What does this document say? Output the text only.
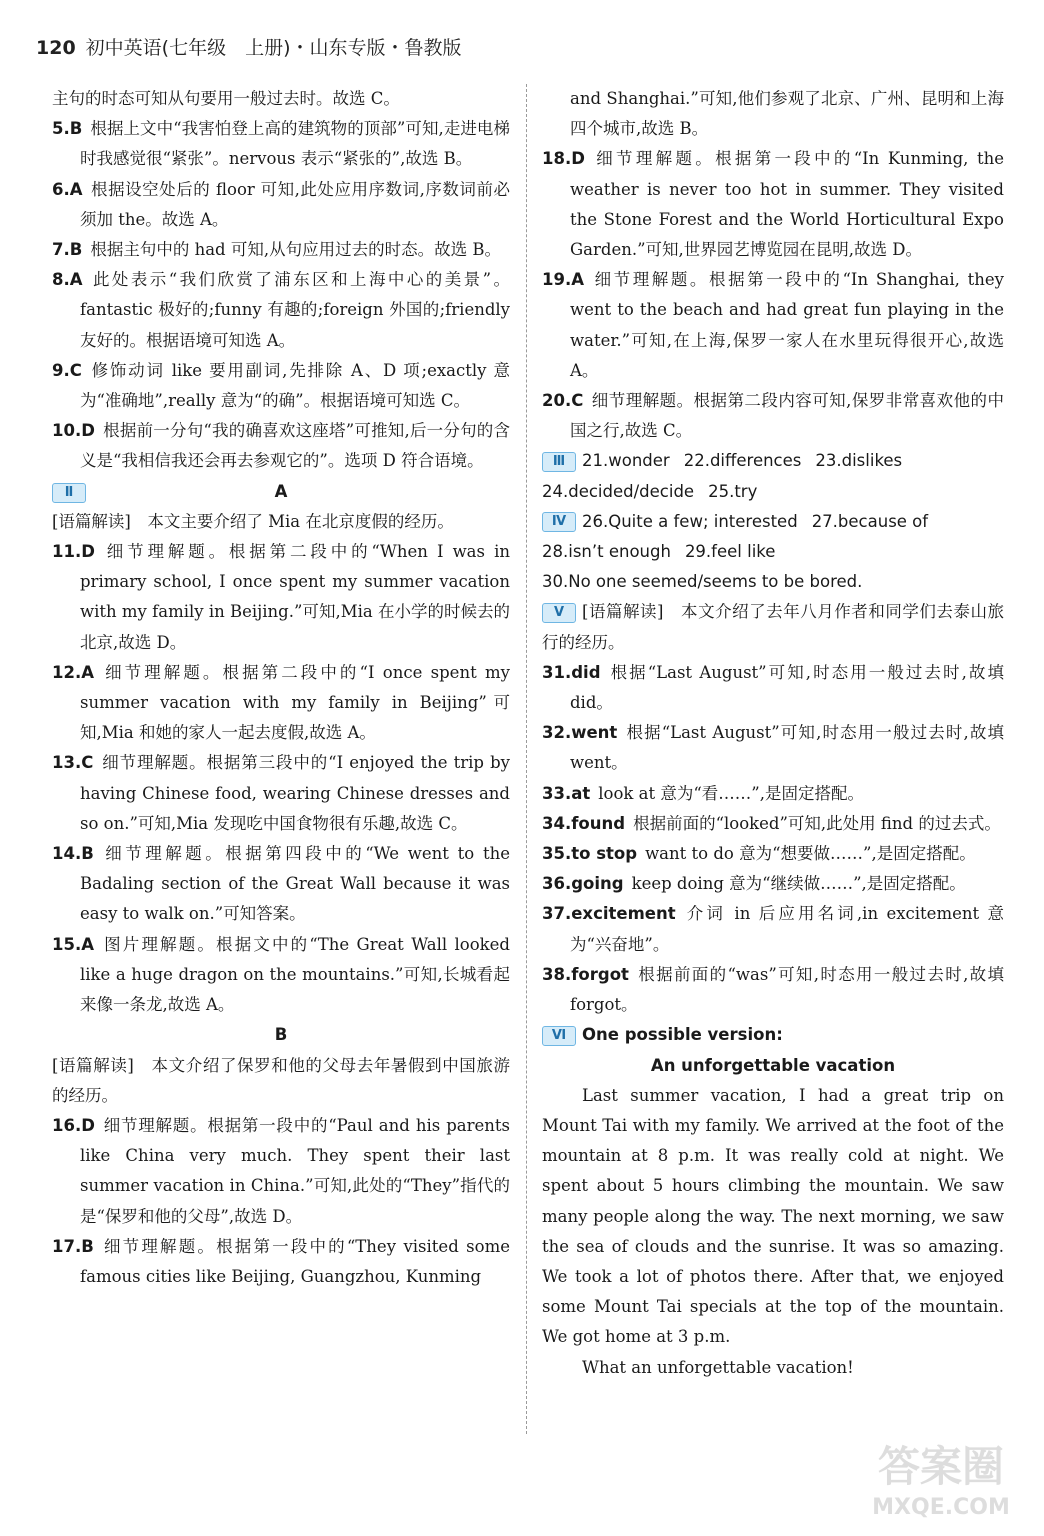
120 初中英语(七年级　上册)・山东专版・鲁教版
主句的时态可知从句要用一般过去时。故选 C。
5.B 根据上文中“我害怕登上高的建筑物的顶部”可知,走进电梯时我感觉很“紧张”。nervous 表示“紧张的”,故选 B。
6.A 根据设空处后的 floor 可知,此处应用序数词,序数词前必须加 the。故选 A。
7.B 根据主句中的 had 可知,从句应用过去的时态。故选 B。
8.A 此处表示“我们欣赏了浦东区和上海中心的美景”。fantastic 极好的;funny 有趣的;foreign 外国的;friendly 友好的。根据语境可知选 A。
9.C 修饰动词 like 要用副词,先排除 A、D 项;exactly 意为“准确地”,really 意为“的确”。根据语境可知选 C。
10.D 根据前一分句“我的确喜欢这座塔”可推知,后一分句的含义是“我相信我还会再去参观它的”。选项 D 符合语境。
Ⅱ	A
[语篇解读]　本文主要介绍了 Mia 在北京度假的经历。
11.D 细节理解题。根据第二段中的“When I was in primary school, I once spent my summer vacation with my family in Beijing.”可知,Mia 在小学的时候去的北京,故选 D。
12.A 细节理解题。根据第二段中的“I once spent my summer vacation with my family in Beijing”可知,Mia 和她的家人一起去度假,故选 A。
13.C 细节理解题。根据第三段中的“I enjoyed the trip by having Chinese food, wearing Chinese dresses and so on.”可知,Mia 发现吃中国食物很有乐趣,故选 C。
14.B 细节理解题。根据第四段中的“We went to the Badaling section of the Great Wall because it was easy to walk on.”可知答案。
15.A 图片理解题。根据文中的“The Great Wall looked like a huge dragon on the mountains.”可知,长城看起来像一条龙,故选 A。
B
[语篇解读]　本文介绍了保罗和他的父母去年暑假到中国旅游的经历。
16.D 细节理解题。根据第一段中的“Paul and his parents like China very much. They spent their last summer vacation in China.”可知,此处的“They”指代的是“保罗和他的父母”,故选 D。
17.B 细节理解题。根据第一段中的“They visited some famous cities like Beijing, Guangzhou, Kunming
and Shanghai.”可知,他们参观了北京、广州、昆明和上海四个城市,故选 B。
18.D 细节理解题。根据第一段中的“In Kunming, the weather is never too hot in summer. They visited the Stone Forest and the World Horticultural Expo Garden.”可知,世界园艺博览园在昆明,故选 D。
19.A 细节理解题。根据第一段中的“In Shanghai, they went to the beach and had great fun playing in the water.”可知,在上海,保罗一家人在水里玩得很开心,故选 A。
20.C 细节理解题。根据第二段内容可知,保罗非常喜欢他的中国之行,故选 C。
Ⅲ 21.wonder 22.differences 23.dislikes
24.decided/decide 25.try
Ⅳ 26.Quite a few; interested 27.because of
28.isn’t enough 29.feel like
30.No one seemed/seems to be bored.
Ⅴ [语篇解读]　本文介绍了去年八月作者和同学们去泰山旅行的经历。
31.did 根据“Last August”可知,时态用一般过去时,故填 did。
32.went 根据“Last August”可知,时态用一般过去时,故填 went。
33.at look at 意为“看……”,是固定搭配。
34.found 根据前面的“looked”可知,此处用 find 的过去式。
35.to stop want to do 意为“想要做……”,是固定搭配。
36.going keep doing 意为“继续做……”,是固定搭配。
37.excitement 介词 in 后应用名词,in excitement 意为“兴奋地”。
38.forgot 根据前面的“was”可知,时态用一般过去时,故填 forgot。
Ⅵ One possible version:
An unforgettable vacation

Last summer vacation, I had a great trip on Mount Tai with my family. We arrived at the foot of the mountain at 8 p.m. It was really cold at night. We spent about 5 hours climbing the mountain. We saw many people along the way. The next morning, we saw the sea of clouds and the sunrise. It was so amazing. We took a lot of photos there. After that, we enjoyed some Mount Tai specials at the top of the mountain. We got home at 3 p.m.

What an unforgettable vacation!

答案圈
MXQE.COM
